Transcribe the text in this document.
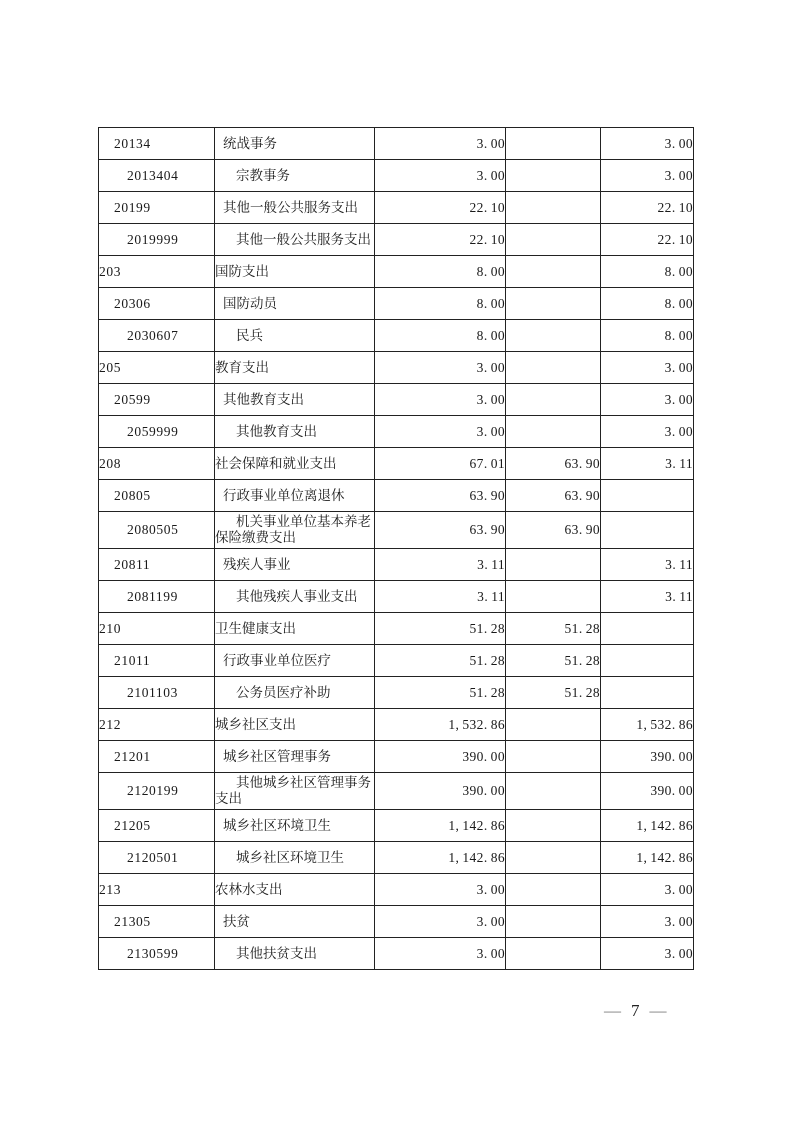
20134	统战事务	3. 00		3. 00
2013404	宗教事务	3. 00		3. 00
20199	其他一般公共服务支出	22. 10		22. 10
2019999	其他一般公共服务支出	22. 10		22. 10
203	国防支出	8. 00		8. 00
20306	国防动员	8. 00		8. 00
2030607	民兵	8. 00		8. 00
205	教育支出	3. 00		3. 00
20599	其他教育支出	3. 00		3. 00
2059999	其他教育支出	3. 00		3. 00
208	社会保障和就业支出	67. 01	63. 90	3. 11
20805	行政事业单位离退休	63. 90	63. 90	
2080505	机关事业单位基本养老保险缴费支出	63. 90	63. 90	
20811	残疾人事业	3. 11		3. 11
2081199	其他残疾人事业支出	3. 11		3. 11
210	卫生健康支出	51. 28	51. 28	
21011	行政事业单位医疗	51. 28	51. 28	
2101103	公务员医疗补助	51. 28	51. 28	
212	城乡社区支出	1, 532. 86		1, 532. 86
21201	城乡社区管理事务	390. 00		390. 00
2120199	其他城乡社区管理事务支出	390. 00		390. 00
21205	城乡社区环境卫生	1, 142. 86		1, 142. 86
2120501	城乡社区环境卫生	1, 142. 86		1, 142. 86
213	农林水支出	3. 00		3. 00
21305	扶贫	3. 00		3. 00
2130599	其他扶贫支出	3. 00		3. 00
— 7 —
